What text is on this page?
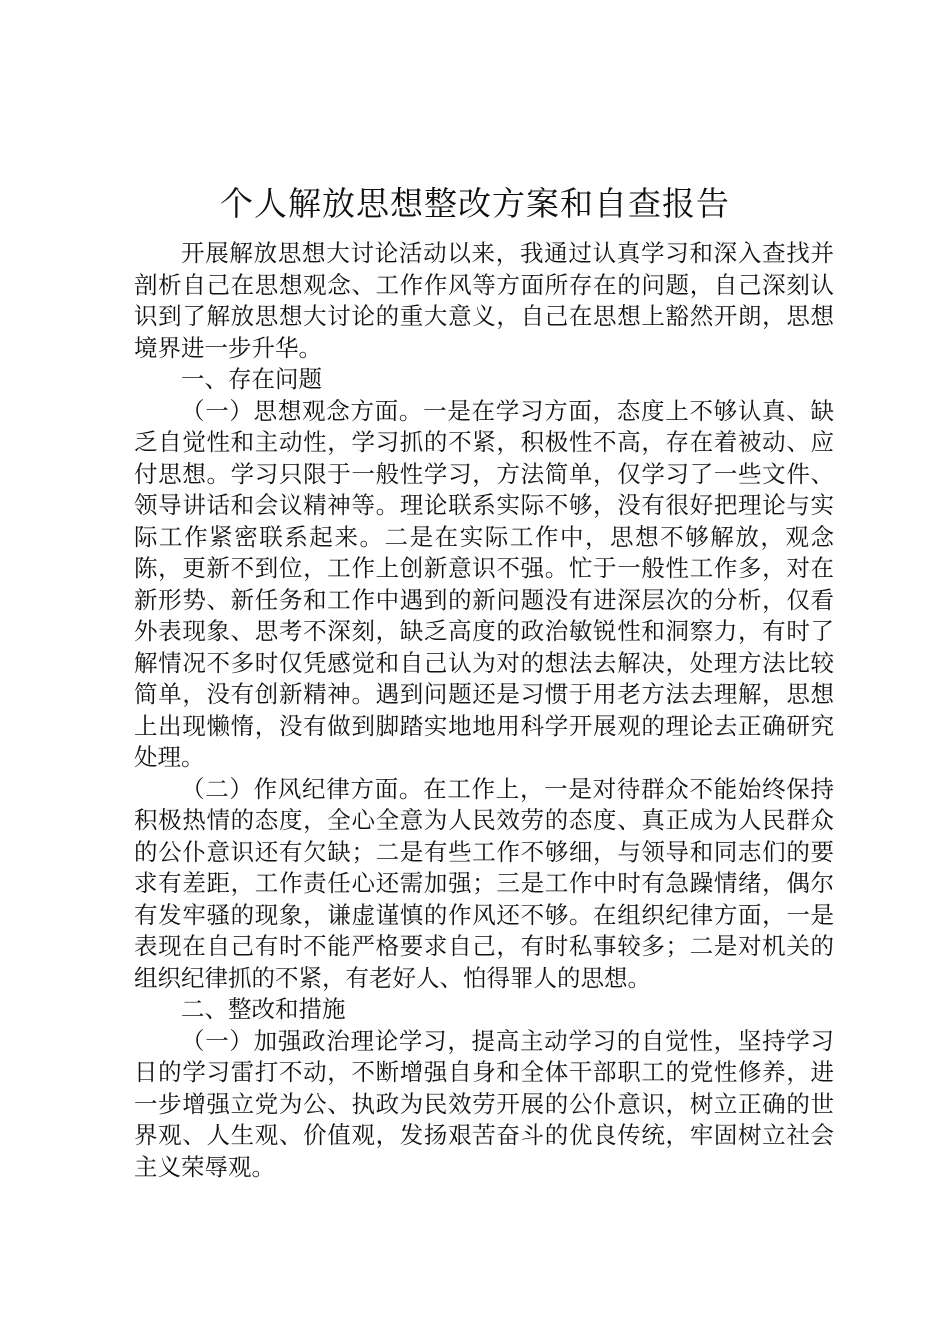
个人解放思想整改方案和自查报告

开展解放思想大讨论活动以来，我通过认真学习和深入查找并剖析自己在思想观念、工作作风等方面所存在的问题，自己深刻认识到了解放思想大讨论的重大意义，自己在思想上豁然开朗，思想境界进一步升华。

一、存在问题

（一）思想观念方面。一是在学习方面，态度上不够认真、缺乏自觉性和主动性，学习抓的不紧，积极性不高，存在着被动、应付思想。学习只限于一般性学习，方法简单，仅学习了一些文件、领导讲话和会议精神等。理论联系实际不够，没有很好把理论与实际工作紧密联系起来。二是在实际工作中，思想不够解放，观念陈，更新不到位，工作上创新意识不强。忙于一般性工作多，对在新形势、新任务和工作中遇到的新问题没有进深层次的分析，仅看外表现象、思考不深刻，缺乏高度的政治敏锐性和洞察力，有时了解情况不多时仅凭感觉和自己认为对的想法去解决，处理方法比较简单，没有创新精神。遇到问题还是习惯于用老方法去理解，思想上出现懒惰，没有做到脚踏实地地用科学开展观的理论去正确研究处理。

（二）作风纪律方面。在工作上，一是对待群众不能始终保持积极热情的态度，全心全意为人民效劳的态度、真正成为人民群众的公仆意识还有欠缺；二是有些工作不够细，与领导和同志们的要求有差距，工作责任心还需加强；三是工作中时有急躁情绪，偶尔有发牢骚的现象，谦虚谨慎的作风还不够。在组织纪律方面，一是表现在自己有时不能严格要求自己，有时私事较多；二是对机关的组织纪律抓的不紧，有老好人、怕得罪人的思想。

二、整改和措施

（一）加强政治理论学习，提高主动学习的自觉性，坚持学习日的学习雷打不动，不断增强自身和全体干部职工的党性修养，进一步增强立党为公、执政为民效劳开展的公仆意识，树立正确的世界观、人生观、价值观，发扬艰苦奋斗的优良传统，牢固树立社会主义荣辱观。
